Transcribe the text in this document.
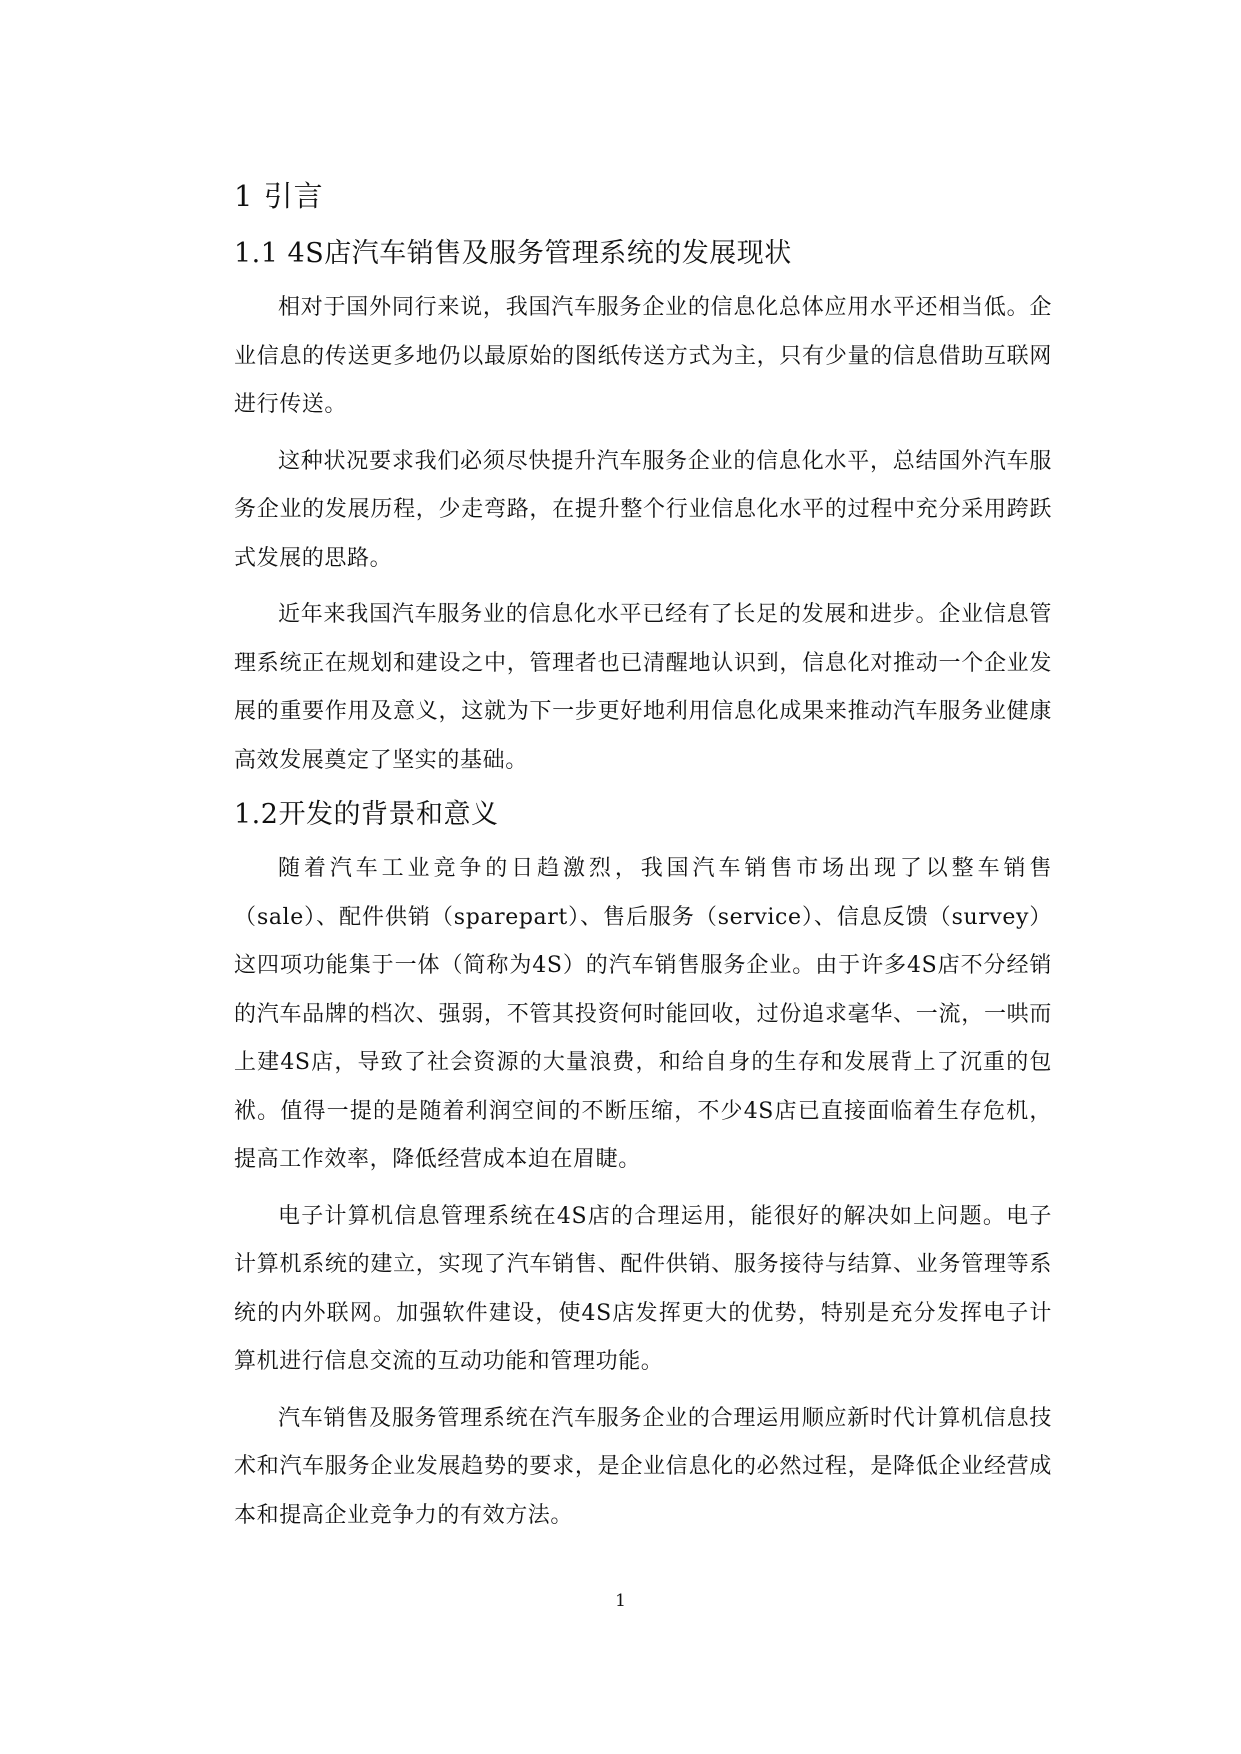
1 引言
1.1 4S店汽车销售及服务管理系统的发展现状

相对于国外同行来说，我国汽车服务企业的信息化总体应用水平还相当低。企业信息的传送更多地仍以最原始的图纸传送方式为主，只有少量的信息借助互联网进行传送。

这种状况要求我们必须尽快提升汽车服务企业的信息化水平，总结国外汽车服务企业的发展历程，少走弯路，在提升整个行业信息化水平的过程中充分采用跨跃式发展的思路。

近年来我国汽车服务业的信息化水平已经有了长足的发展和进步。企业信息管理系统正在规划和建设之中，管理者也已清醒地认识到，信息化对推动一个企业发展的重要作用及意义，这就为下一步更好地利用信息化成果来推动汽车服务业健康高效发展奠定了坚实的基础。

1.2开发的背景和意义

随着汽车工业竞争的日趋激烈，我国汽车销售市场出现了以整车销售（sale）、配件供销（sparepart）、售后服务（service）、信息反馈（survey）这四项功能集于一体（简称为4S）的汽车销售服务企业。由于许多4S店不分经销的汽车品牌的档次、强弱，不管其投资何时能回收，过份追求毫华、一流，一哄而上建4S店，导致了社会资源的大量浪费，和给自身的生存和发展背上了沉重的包袱。值得一提的是随着利润空间的不断压缩，不少4S店已直接面临着生存危机，提高工作效率，降低经营成本迫在眉睫。

电子计算机信息管理系统在4S店的合理运用，能很好的解决如上问题。电子计算机系统的建立，实现了汽车销售、配件供销、服务接待与结算、业务管理等系统的内外联网。加强软件建设，使4S店发挥更大的优势，特别是充分发挥电子计算机进行信息交流的互动功能和管理功能。

汽车销售及服务管理系统在汽车服务企业的合理运用顺应新时代计算机信息技术和汽车服务企业发展趋势的要求，是企业信息化的必然过程，是降低企业经营成本和提高企业竞争力的有效方法。

1
